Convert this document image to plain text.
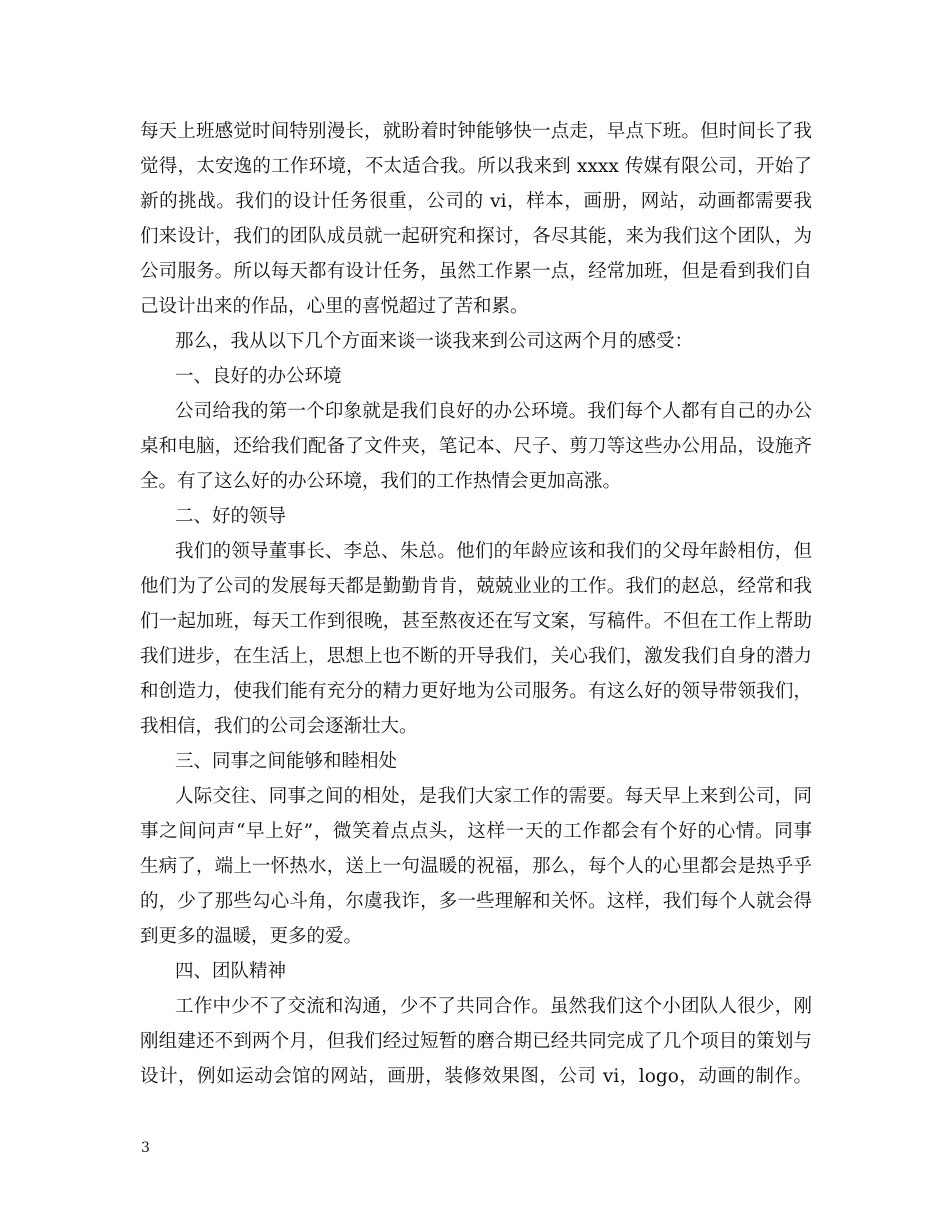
每天上班感觉时间特别漫长，就盼着时钟能够快一点走，早点下班。但时间长了我
觉得，太安逸的工作环境，不太适合我。所以我来到 xxxx 传媒有限公司，开始了
新的挑战。我们的设计任务很重，公司的 vi，样本，画册，网站，动画都需要我
们来设计，我们的团队成员就一起研究和探讨，各尽其能，来为我们这个团队，为
公司服务。所以每天都有设计任务，虽然工作累一点，经常加班，但是看到我们自
己设计出来的作品，心里的喜悦超过了苦和累。
那么，我从以下几个方面来谈一谈我来到公司这两个月的感受：
一、良好的办公环境
公司给我的第一个印象就是我们良好的办公环境。我们每个人都有自己的办公
桌和电脑，还给我们配备了文件夹，笔记本、尺子、剪刀等这些办公用品，设施齐
全。有了这么好的办公环境，我们的工作热情会更加高涨。
二、好的领导
我们的领导董事长、李总、朱总。他们的年龄应该和我们的父母年龄相仿，但
他们为了公司的发展每天都是勤勤肯肯，兢兢业业的工作。我们的赵总，经常和我
们一起加班，每天工作到很晚，甚至熬夜还在写文案，写稿件。不但在工作上帮助
我们进步，在生活上，思想上也不断的开导我们，关心我们，激发我们自身的潜力
和创造力，使我们能有充分的精力更好地为公司服务。有这么好的领导带领我们，
我相信，我们的公司会逐渐壮大。
三、同事之间能够和睦相处
人际交往、同事之间的相处，是我们大家工作的需要。每天早上来到公司，同
事之间问声“早上好”，微笑着点点头，这样一天的工作都会有个好的心情。同事
生病了，端上一怀热水，送上一句温暖的祝福，那么，每个人的心里都会是热乎乎
的，少了那些勾心斗角，尔虞我诈，多一些理解和关怀。这样，我们每个人就会得
到更多的温暖，更多的爱。
四、团队精神
工作中少不了交流和沟通，少不了共同合作。虽然我们这个小团队人很少，刚
刚组建还不到两个月，但我们经过短暂的磨合期已经共同完成了几个项目的策划与
设计，例如运动会馆的网站，画册，装修效果图，公司 vi，logo，动画的制作。
3
